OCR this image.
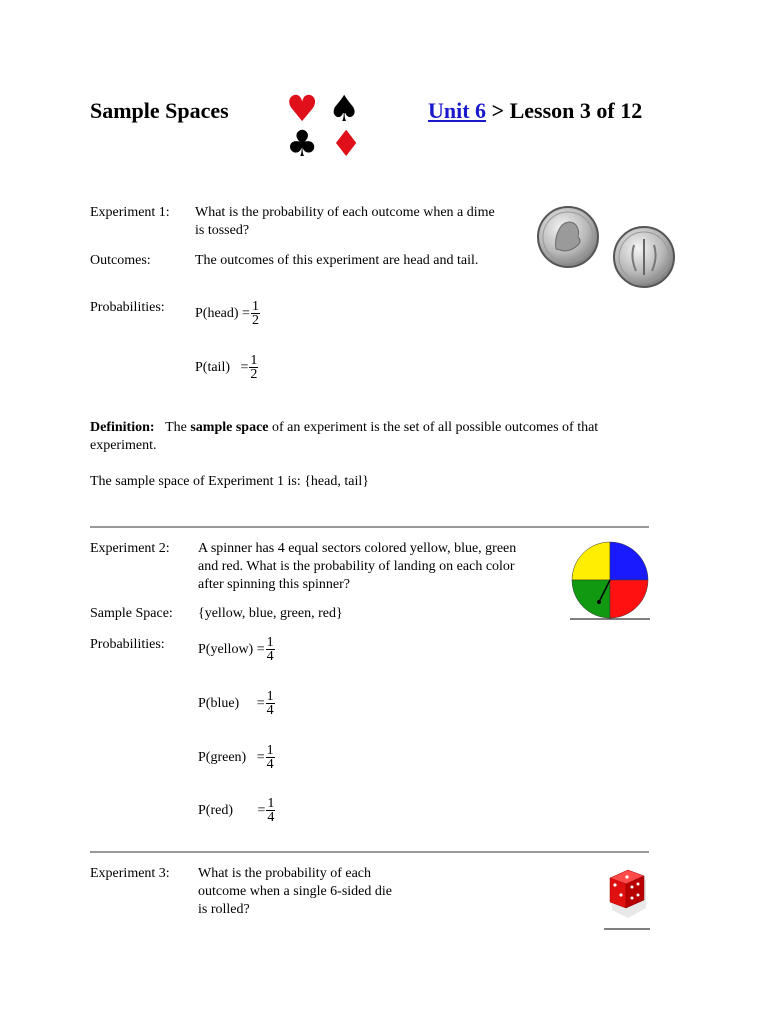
Sample Spaces ♥ ♠
♣ ♦
Unit 6 > Lesson 3 of 12
Experiment 1: What is the probability of each outcome when a dime is tossed?
Outcomes:	The outcomes of this experiment are head and tail.
Probabilities: P(head) = $\frac{1}{2}$
P(tail)   = $\frac{1}{2}$
Definition: The sample space of an experiment is the set of all possible outcomes of that experiment.
The sample space of Experiment 1 is: {head, tail}
Experiment 2: A spinner has 4 equal sectors colored yellow, blue, green and red. What is the probability of landing on each color after spinning this spinner?
Sample Space: {yellow, blue, green, red}
Probabilities: P(yellow) = $\frac{1}{4}$
P(blue)     = $\frac{1}{4}$
P(green)   = $\frac{1}{4}$
P(red)       = $\frac{1}{4}$
Experiment 3: What is the probability of each outcome when a single 6-sided die is rolled?
